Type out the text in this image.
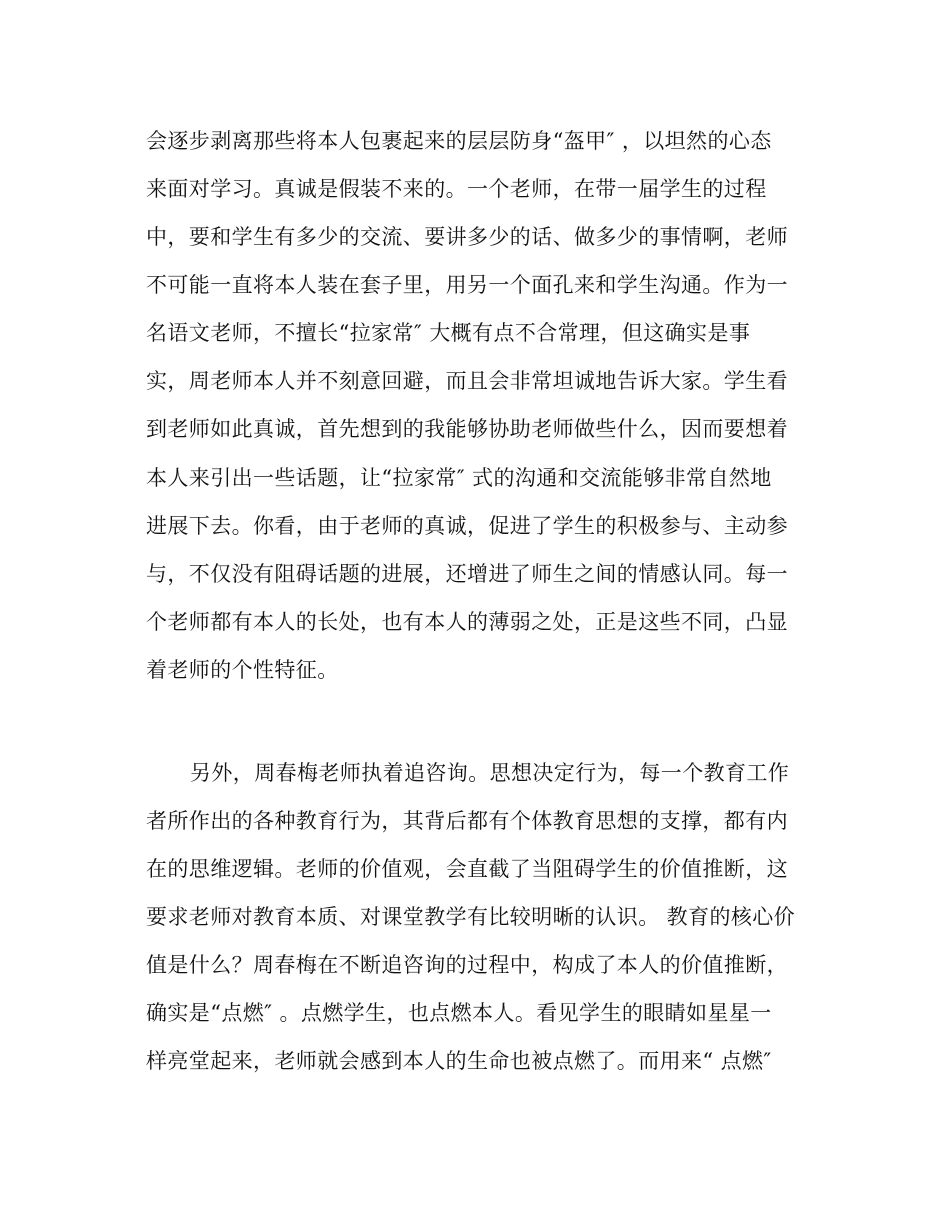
会逐步剥离那些将本人包裹起来的层层防身“盔甲″ ，以坦然的心态
来面对学习。真诚是假装不来的。一个老师，在带一届学生的过程
中，要和学生有多少的交流、要讲多少的话、做多少的事情啊，老师
不可能一直将本人装在套子里，用另一个面孔来和学生沟通。作为一
名语文老师，不擅长“拉家常″ 大概有点不合常理，但这确实是事
实，周老师本人并不刻意回避，而且会非常坦诚地告诉大家。学生看
到老师如此真诚，首先想到的我能够协助老师做些什么，因而要想着
本人来引出一些话题，让“拉家常″ 式的沟通和交流能够非常自然地
进展下去。你看，由于老师的真诚，促进了学生的积极参与、主动参
与，不仅没有阻碍话题的进展，还增进了师生之间的情感认同。每一
个老师都有本人的长处，也有本人的薄弱之处，正是这些不同，凸显
着老师的个性特征。
另外，周春梅老师执着追咨询。思想决定行为，每一个教育工作
者所作出的各种教育行为，其背后都有个体教育思想的支撑，都有内
在的思维逻辑。老师的价值观，会直截了当阻碍学生的价值推断，这
要求老师对教育本质、对课堂教学有比较明晰的认识。 教育的核心价
值是什么？周春梅在不断追咨询的过程中，构成了本人的价值推断，
确实是“点燃″ 。点燃学生，也点燃本人。看见学生的眼睛如星星一
样亮堂起来，老师就会感到本人的生命也被点燃了。而用来“ 点燃″
